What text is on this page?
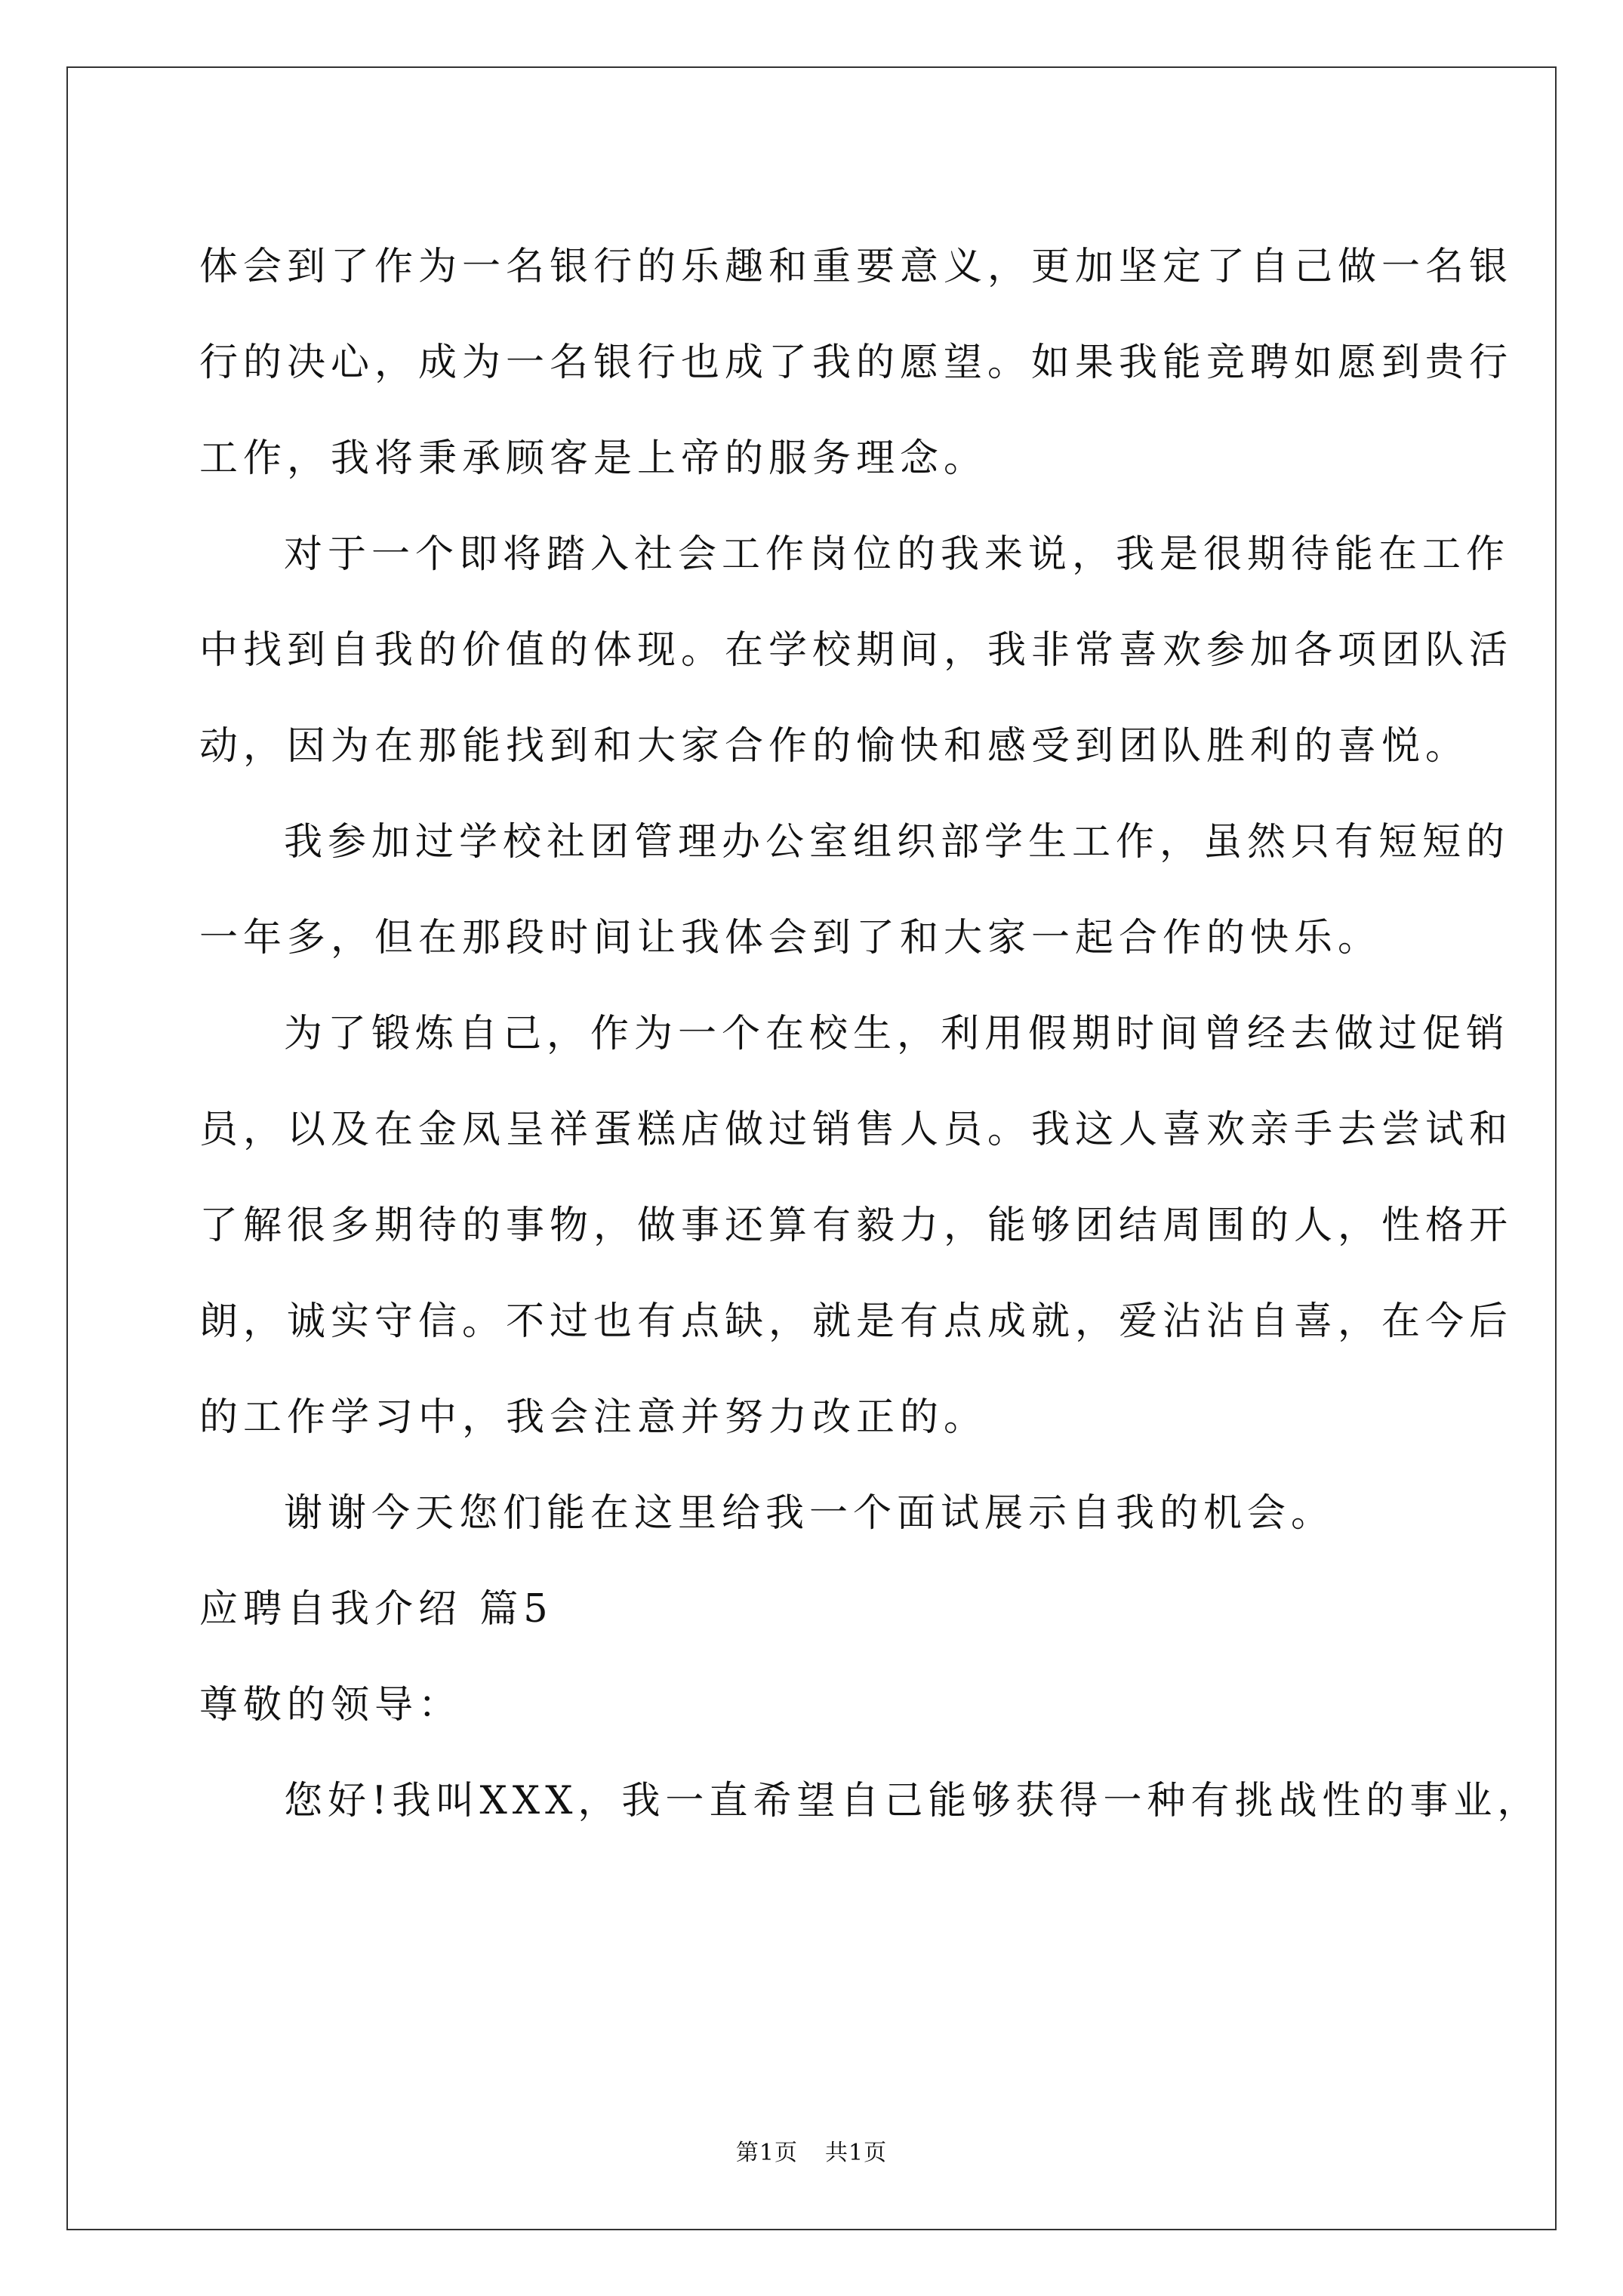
体会到了作为一名银行的乐趣和重要意义，更加坚定了自己做一名银
行的决心，成为一名银行也成了我的愿望。如果我能竞聘如愿到贵行
工作，我将秉承顾客是上帝的服务理念。
对于一个即将踏入社会工作岗位的我来说，我是很期待能在工作
中找到自我的价值的体现。在学校期间，我非常喜欢参加各项团队活
动，因为在那能找到和大家合作的愉快和感受到团队胜利的喜悦。
我参加过学校社团管理办公室组织部学生工作，虽然只有短短的
一年多，但在那段时间让我体会到了和大家一起合作的快乐。
为了锻炼自己，作为一个在校生，利用假期时间曾经去做过促销
员，以及在金凤呈祥蛋糕店做过销售人员。我这人喜欢亲手去尝试和
了解很多期待的事物，做事还算有毅力，能够团结周围的人，性格开
朗，诚实守信。不过也有点缺，就是有点成就，爱沾沾自喜，在今后
的工作学习中，我会注意并努力改正的。
谢谢今天您们能在这里给我一个面试展示自我的机会。
应聘自我介绍 篇5
尊敬的领导：
您好!我叫XXX，我一直希望自己能够获得一种有挑战性的事业，
第1页 共1页
